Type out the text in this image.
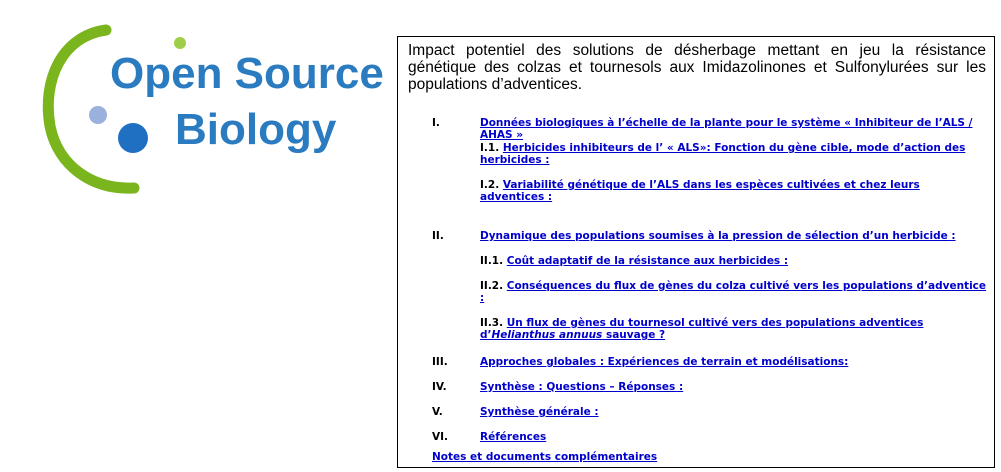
Open Source
Biology

Impact potentiel des solutions de désherbage mettant en jeu la résistance génétique des colzas et tournesols aux Imidazolinones et Sulfonylurées sur les populations d’adventices.

I.	Données biologiques à l’échelle de la plante pour le système « Inhibiteur de l’ALS / AHAS »
I.1. Herbicides inhibiteurs de l’ « ALS»: Fonction du gène cible, mode d’action des herbicides :
I.2. Variabilité génétique de l’ALS dans les espèces cultivées et chez leurs adventices :
II.	Dynamique des populations soumises à la pression de sélection d’un herbicide :
II.1. Coût adaptatif de la résistance aux herbicides :
II.2. Conséquences du flux de gènes du colza cultivé vers les populations d’adventice :
II.3. Un flux de gènes du tournesol cultivé vers des populations adventices d’Helianthus annuus sauvage ?
III.	Approches globales : Expériences de terrain et modélisations:
IV.	Synthèse : Questions – Réponses :
V.	Synthèse générale :
VI.	Références
Notes et documents complémentaires
